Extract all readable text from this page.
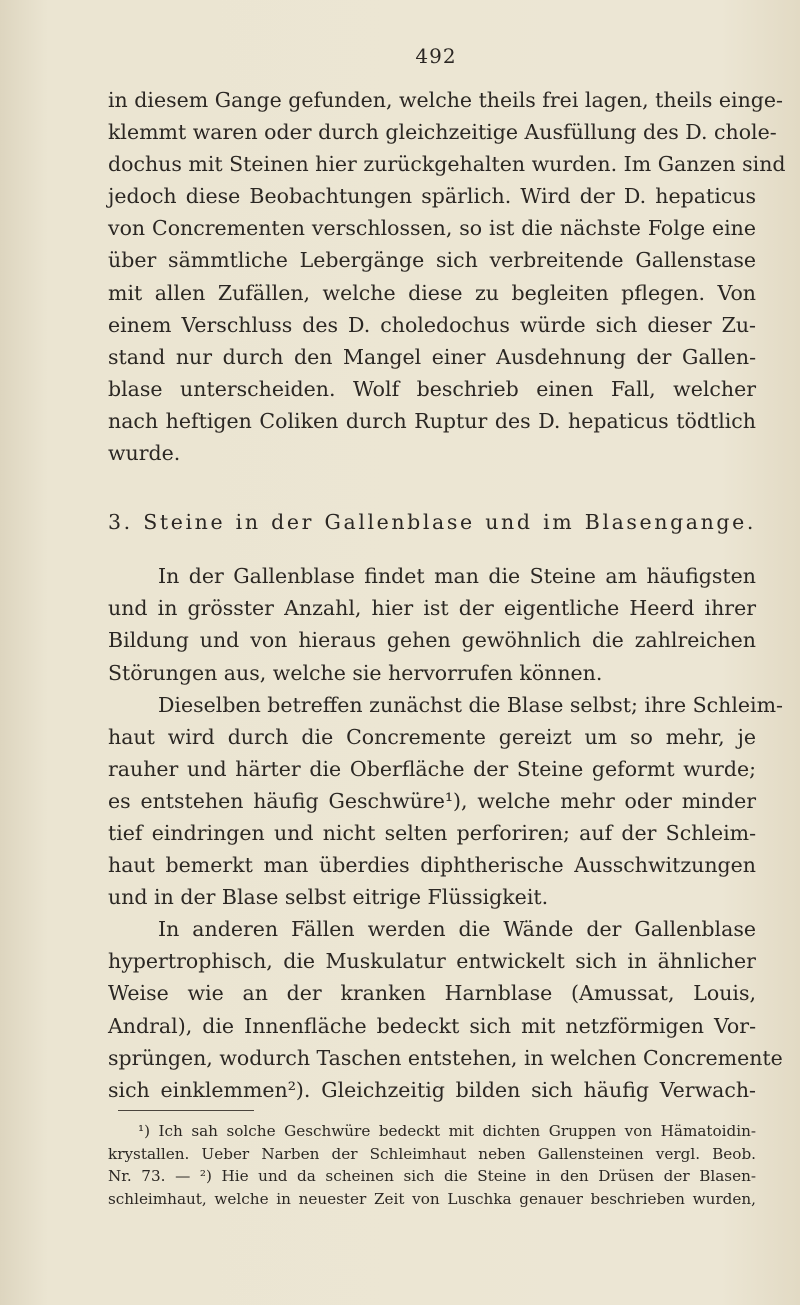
492
in diesem Gange gefunden, welche theils frei lagen, theils einge-
klemmt waren oder durch gleichzeitige Ausfüllung des D. chole-
dochus mit Steinen hier zurückgehalten wurden. Im Ganzen sind
jedoch diese Beobachtungen spärlich. Wird der D. hepaticus
von Concrementen verschlossen, so ist die nächste Folge eine
über sämmtliche Lebergänge sich verbreitende Gallenstase
mit allen Zufällen, welche diese zu begleiten pflegen. Von
einem Verschluss des D. choledochus würde sich dieser Zu-
stand nur durch den Mangel einer Ausdehnung der Gallen-
blase unterscheiden. Wolf beschrieb einen Fall, welcher
nach heftigen Coliken durch Ruptur des D. hepaticus tödtlich
wurde.
3. Steine in der Gallenblase und im Blasengange.
In der Gallenblase findet man die Steine am häufigsten
und in grösster Anzahl, hier ist der eigentliche Heerd ihrer
Bildung und von hieraus gehen gewöhnlich die zahlreichen
Störungen aus, welche sie hervorrufen können.
Dieselben betreffen zunächst die Blase selbst; ihre Schleim-
haut wird durch die Concremente gereizt um so mehr, je
rauher und härter die Oberfläche der Steine geformt wurde;
es entstehen häufig Geschwüre¹), welche mehr oder minder
tief eindringen und nicht selten perforiren; auf der Schleim-
haut bemerkt man überdies diphtherische Ausschwitzungen
und in der Blase selbst eitrige Flüssigkeit.
In anderen Fällen werden die Wände der Gallenblase
hypertrophisch, die Muskulatur entwickelt sich in ähnlicher
Weise wie an der kranken Harnblase (Amussat, Louis,
Andral), die Innenfläche bedeckt sich mit netzförmigen Vor-
sprüngen, wodurch Taschen entstehen, in welchen Concremente
sich einklemmen²). Gleichzeitig bilden sich häufig Verwach-
¹) Ich sah solche Geschwüre bedeckt mit dichten Gruppen von Hämatoidin-
krystallen. Ueber Narben der Schleimhaut neben Gallensteinen vergl. Beob.
Nr. 73. — ²) Hie und da scheinen sich die Steine in den Drüsen der Blasen-
schleimhaut, welche in neuester Zeit von Luschka genauer beschrieben wurden,
